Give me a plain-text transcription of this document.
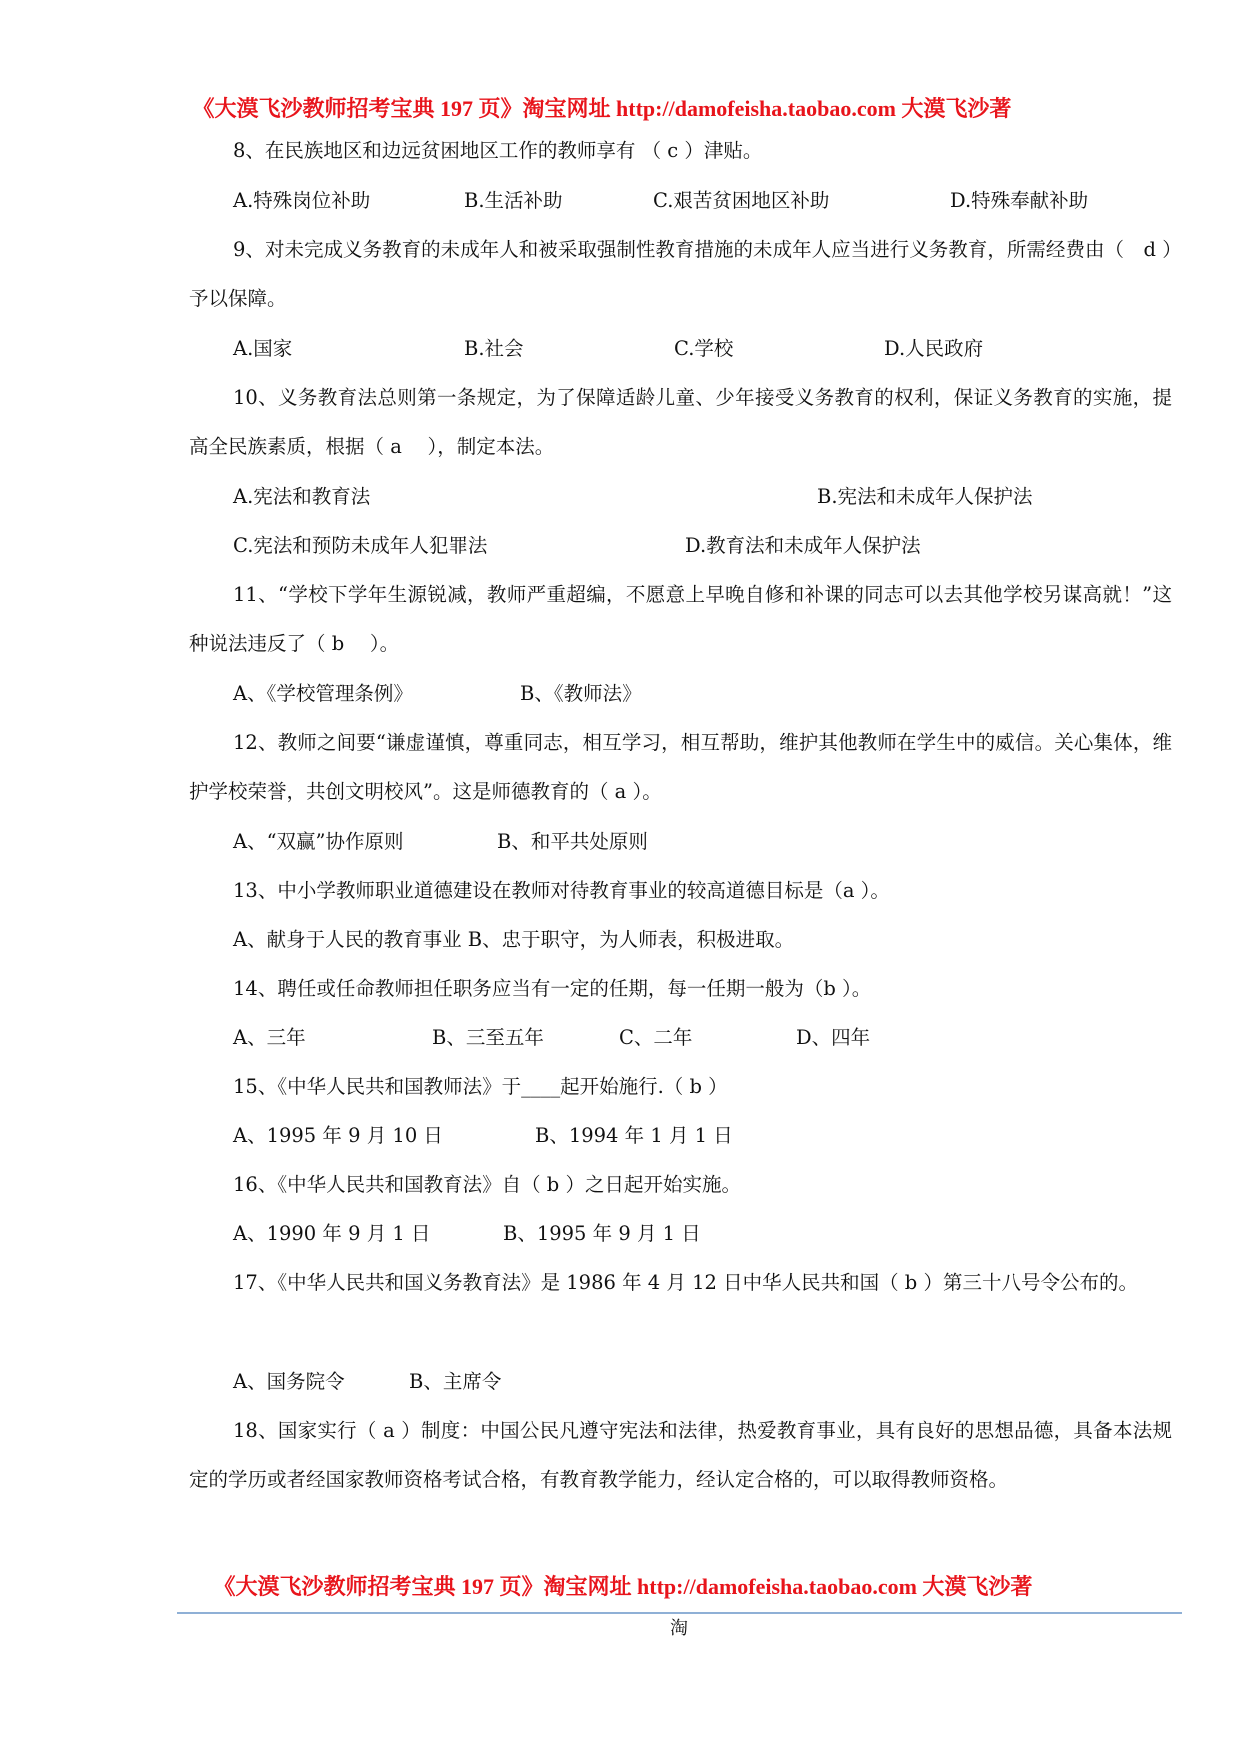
《大漠飞沙教师招考宝典 197 页》淘宝网址 http://damofeisha.taobao.com 大漠飞沙著
8、在民族地区和边远贫困地区工作的教师享有 （ c ）津贴。
A.特殊岗位补助	B.生活补助	C.艰苦贫困地区补助	D.特殊奉献补助
9、对未完成义务教育的未成年人和被采取强制性教育措施的未成年人应当进行义务教育，所需经费由（　d ）予以保障。
A.国家	B.社会	C.学校	D.人民政府
10、义务教育法总则第一条规定，为了保障适龄儿童、少年接受义务教育的权利，保证义务教育的实施，提高全民族素质，根据（ a　 ），制定本法。
A.宪法和教育法	B.宪法和未成年人保护法
C.宪法和预防未成年人犯罪法	D.教育法和未成年人保护法
11、“学校下学年生源锐减，教师严重超编，不愿意上早晚自修和补课的同志可以去其他学校另谋高就！”这种说法违反了（ b　 ）。
A、《学校管理条例》	B、《教师法》
12、教师之间要“谦虚谨慎，尊重同志，相互学习，相互帮助，维护其他教师在学生中的威信。关心集体，维护学校荣誉，共创文明校风”。这是师德教育的（ a ）。
A、“双赢”协作原则	B、和平共处原则
13、中小学教师职业道德建设在教师对待教育事业的较高道德目标是（a ）。
A、献身于人民的教育事业 B、忠于职守，为人师表，积极进取。
14、聘任或任命教师担任职务应当有一定的任期，每一任期一般为（b ）。
A、三年	B、三至五年	C、二年	D、四年
15、《中华人民共和国教师法》于____起开始施行.（ b ）
A、1995 年 9 月 10 日	B、1994 年 1 月 1 日
16、《中华人民共和国教育法》自（ b ）之日起开始实施。
A、1990 年 9 月 1 日	B、1995 年 9 月 1 日
17、《中华人民共和国义务教育法》是 1986 年 4 月 12 日中华人民共和国（ b ）第三十八号令公布的。
A、国务院令	B、主席令
18、国家实行（ a ）制度：中国公民凡遵守宪法和法律，热爱教育事业，具有良好的思想品德，具备本法规定的学历或者经国家教师资格考试合格，有教育教学能力，经认定合格的，可以取得教师资格。
《大漠飞沙教师招考宝典 197 页》淘宝网址 http://damofeisha.taobao.com 大漠飞沙著
淘
